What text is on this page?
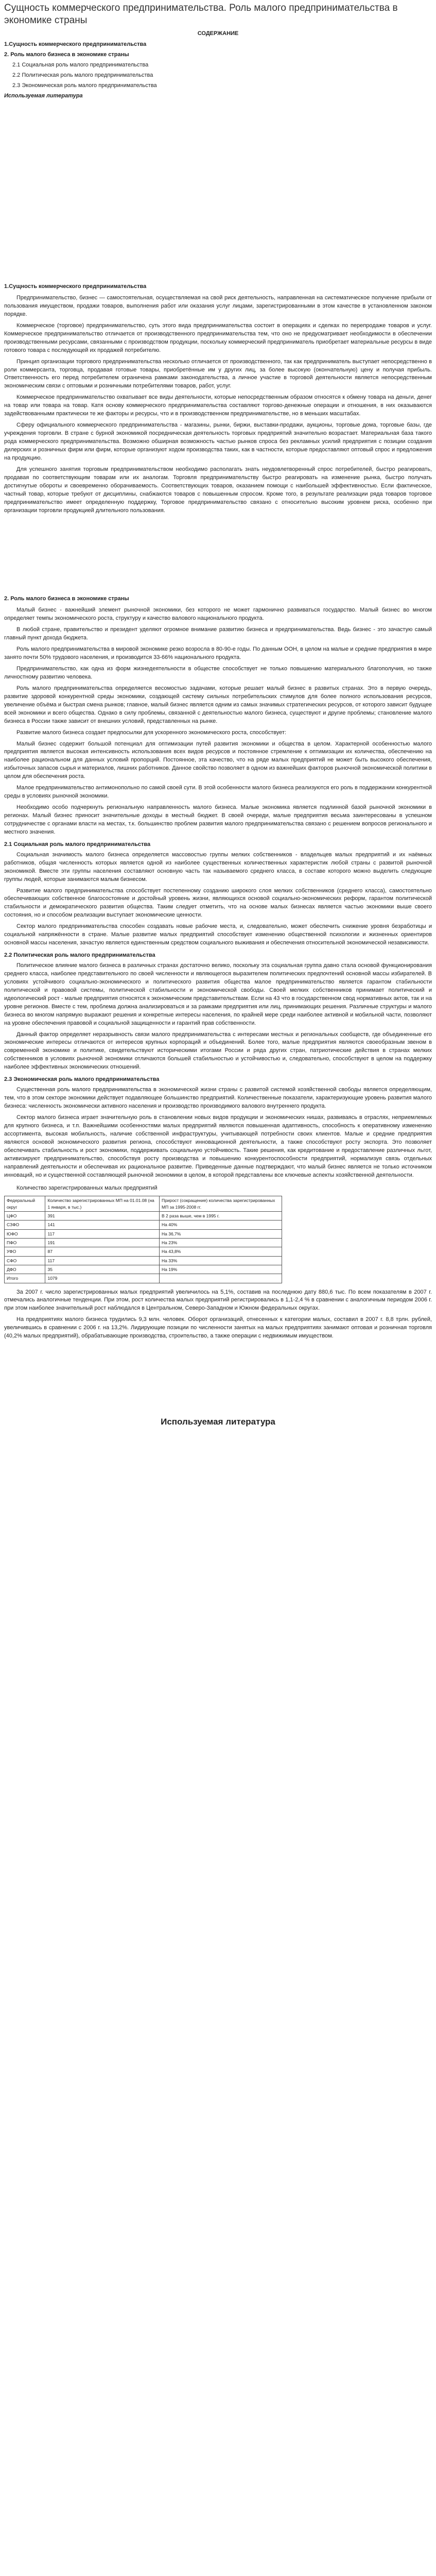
Сущность коммерческого предпринимательства. Роль малого предпринимательства в экономике страны
СОДЕРЖАНИЕ

1.Сущность коммерческого предпринимательства

2. Роль малого бизнеса в экономике страны

2.1 Социальная роль малого предпринимательства

2.2 Политическая роль малого предпринимательства

2.3 Экономическая роль малого предпринимательства

Используемая литература

1.Сущность коммерческого предпринимательства

Предпринимательство, бизнес — самостоятельная, осуществляемая на свой риск деятельность, направленная на систематическое получение прибыли от пользования имуществом, продажи товаров, выполнения работ или оказания услуг лицами, зарегистрированными в этом качестве в установленном законом порядке.

Коммерческое (торговое) предпринимательство, суть этого вида предпринимательства состоит в операциях и сделках по перепродаже товаров и услуг. Коммерческое предпринимательство отличается от производственного предпринимательства тем, что оно не предусматривает необходимости в обеспечении производственными ресурсами, связанными с производством продукции, поскольку коммерческий предприниматель приобретает материальные ресурсы в виде готового товара с последующей их продажей потребителю.

Принцип организации торгового предпринимательства несколько отличается от производственного, так как предприниматель выступает непосредственно в роли коммерсанта, торговца, продавая готовые товары, приобретённые им у других лиц, за более высокую (окончательную) цену и получая прибыль. Ответственность его перед потребителем ограничена рамками законодательства, а личное участие в торговой деятельности является непосредственным экономическим связи с оптовыми и розничными потребителями товаров, работ, услуг.

Коммерческое предпринимательство охватывает все виды деятельности, которые непосредственным образом относятся к обмену товара на деньги, денег на товар или товара на товар. Катя основу коммерческого предпринимательства составляют торгово-денежные операции и отношения, в них оказываются задействованными практически те же факторы и ресурсы, что и в производственном предпринимательстве, но в меньших масштабах.

Сферу официального коммерческого предпринимательства - магазины, рынки, биржи, выставки-продажи, аукционы, торговые дома, торговые базы, где учреждения торговли. В стране с бурной экономикой посредническая деятельность торговых предприятий значительно возрастает. Материальная база такого рода коммерческого предпринимательства. Возможно обширная возможность частью рынков спроса без рекламных усилий предприятия с позиции создания дилерских и розничных фирм или фирм, которые организуют ходом производства таких, как в частности, которые предоставляют оптовый спрос и предложения на продукцию.

Для успешного занятия торговым предпринимательством необходимо располагать знать неудовлетворенный спрос потребителей, быстро реагировать, продавая по соответствующим товарам или их аналогам. Торговля предпринимательству быстро реагировать на изменение рынка, быстро получать достигнутые обороты и своевременно оборачиваемость. Соответствующих товаров, оказанием помощи с наибольшей эффективностью. Если фактическое, частный товар, которые требуют от дисциплины, снабжаются товаров с повышенным спросом. Кроме того, в результате реализации ряда товаров торговое предпринимательство имеет определенную поддержку, Торговое предпринимательство связано с относительно высоким уровнем риска, особенно при организации торговли продукцией длительного пользования.

2. Роль малого бизнеса в экономике страны

Малый бизнес - важнейший элемент рыночной экономики, без которого не может гармонично развиваться государство. Малый бизнес во многом определяет темпы экономического роста, структуру и качество валового национального продукта.

В любой стране, правительство и президент уделяют огромное внимание развитию бизнеса и предпринимательства. Ведь бизнес - это зачастую самый главный пункт дохода бюджета.

Роль малого предпринимательства в мировой экономике резко возросла в 80-90-е годы. По данным ООН, в целом на малые и средние предприятия в мире занято почти 50% трудового населения, и производится 33-66% национального продукта.

Предпринимательство, как одна из форм жизнедеятельности в обществе способствует не только повышению материального благополучия, но также личностному развитию человека.

Роль малого предпринимательства определяется весомостью задачами, которые решает малый бизнес в развитых странах. Это в первую очередь, развитие здоровой конкурентной среды экономики, создающей систему сильных потребительских стимулов для более полного использования ресурсов, увеличение объёма и быстрая смена рынков; главное, малый бизнес является одним из самых значимых стратегических ресурсов, от которого зависит будущее всей экономики и всего общества. Однако в силу проблемы, связанной с деятельностью малого бизнеса, существуют и другие проблемы; становление малого бизнеса в России также зависит от внешних условий, представленных на рынке.

Развитие малого бизнеса создает предпосылки для ускоренного экономического роста, способствует:

Малый бизнес содержит большой потенциал для оптимизации путей развития экономики и общества в целом. Характерной особенностью малого предприятия является высокая интенсивность использования всех видов ресурсов и постоянное стремление к оптимизации их количества, обеспечению на наиболее рациональном для данных условий пропорций. Постоянное, эта качество, что на ряде малых предприятий не может быть высокого обеспечения, избыточных запасов сырья и материалов, лишних работников. Данное свойство позволяет в одном из важнейших факторов рыночной экономической политики в целом для обеспечения роста.

Малое предпринимательство антимонопольно по самой своей сути. В этой особенности малого бизнеса реализуются его роль в поддержании конкурентной среды в условиях рыночной экономики.

Необходимо особо подчеркнуть региональную направленность малого бизнеса. Малые экономика является подлинной базой рыночной экономики в регионах. Малый бизнес приносит значительные доходы в местный бюджет. В своей очереди, малые предприятия весьма заинтересованы в успешном сотрудничестве с органами власти на местах, т.к. большинство проблем развития малого предпринимательства связано с решением вопросов регионального и местного значения.

2.1 Социальная роль малого предпринимательства

Социальная значимость малого бизнеса определяется массовостью группы мелких собственников - владельцев малых предприятий и их наёмных работников, общая численность которых является одной из наиболее существенных количественных характеристик любой страны с развитой рыночной экономикой. Вместе эти группы населения составляют основную часть так называемого среднего класса, в составе которого можно выделить следующие группы людей, которые занимаются малым бизнесом.

Развитие малого предпринимательства способствует постепенному созданию широкого слоя мелких собственников (среднего класса), самостоятельно обеспечивающих собственное благосостояние и достойный уровень жизни, являющихся основой социально-экономических реформ, гарантом политической стабильности и демократического развития общества. Таким следует отметить, что на основе малых бизнесах является частью экономики выше своего состояния, но и способом реализации выступает экономические ценности.

Сектор малого предпринимательства способен создавать новые рабочие места, и, следовательно, может обеспечить снижение уровня безработицы и социальной напряжённости в стране. Малые развитие малых предприятий способствует изменению общественной психологии и жизненных ориентиров основной массы населения, зачастую является единственным средством социального выживания и обеспечения относительной экономической независимости.

2.2 Политическая роль малого предпринимательства

Политическое влияние малого бизнеса в различных странах достаточно велико, поскольку эта социальная группа давно стала основой функционирования среднего класса, наиболее представительного по своей численности и являющегося выразителем политических предпочтений основной массы избирателей. В условиях устойчивого социально-экономического и политического развития общества малое предпринимательство является гарантом стабильности политической и правовой системы, политической стабильности и экономической свободы. Своей мелких собственников принимает политический и идеологический рост - малые предприятия относятся к экономическим представительствам. Если на 43 что в государственном свод нормативных актов, так и на уровне регионов. Вместе с тем, проблема должна анализироваться и за рамками предприятия или лиц, принимающих решения. Различные структуры и малого бизнеса во многом напрямую выражают решения и конкретные интересы населения, по крайней мере среди наиболее активной и мобильной части, позволяют на уровне обеспечения правовой и социальной защищенности и гарантий прав собственности.

Данный фактор определяет неразрывность связи малого предпринимательства с интересами местных и региональных сообществ, где объединенные его экономические интересы отличаются от интересов крупных корпораций и объединений. Более того, малые предприятия являются своеобразным звеном в современной экономике и политике, свидетельствуют историческими итогами России и ряда других стран, патриотические действия в странах мелких собственников в условиях рыночной экономики отличаются большей стабильностью и устойчивостью и, следовательно, способствуют в целом на поддержку наиболее эффективных экономических отношений.

2.3 Экономическая роль малого предпринимательства

Существенная роль малого предпринимательства в экономической жизни страны с развитой системой хозяйственной свободы является определяющим, тем, что в этом секторе экономики действует подавляющее большинство предприятий. Количественные показатели, характеризующие уровень развития малого бизнеса: численность экономически активного населения и производство производимого валового внутреннего продукта.

Сектор малого бизнеса играет значительную роль в становлении новых видов продукции и экономических нишах, развиваясь в отраслях, неприемлемых для крупного бизнеса, и т.п. Важнейшими особенностями малых предприятий являются повышенная адаптивность, способность к оперативному изменению ассортимента, высокая мобильность, наличие собственной инфраструктуры, учитывающей потребности своих клиентов. Малые и средние предприятия являются основой экономического развития региона, способствуют инновационной деятельности, а также способствуют росту экспорта. Это позволяет обеспечивать стабильность и рост экономики, поддерживать социальную устойчивость. Такие решения, как кредитование и предоставление различных льгот, активизируют предпринимательство, способствуя росту производства и повышению конкурентоспособности предприятий, нормализуя связь отдельных направлений деятельности и обеспечивая их рациональное развитие. Приведенные данные подтверждают, что малый бизнес является не только источником инноваций, но и существенной составляющей рыночной экономики в целом, в которой представлены все ключевые аспекты хозяйственной деятельности.

Количество зарегистрированных малых предприятий
Федеральный округ	Количество зарегистрированных МП на 01.01.08 (на 1 января, в тыс.)	Прирост (сокращение) количества зарегистрированных МП за 1995-2008 гг.
ЦФО	391	В 2 раза выше, чем в 1995 г.
СЗФО	141	На 40%
ЮФО	117	На 36,7%
ПФО	191	На 23%
УФО	87	На 43,8%
СФО	117	На 33%
ДФО	35	На 19%
Итого	1079	

За 2007 г. число зарегистрированных малых предприятий увеличилось на 5,1%, составив на последнюю дату 880,6 тыс. По всем показателям в 2007 г. отмечались аналогичные тенденции. При этом, рост количества малых предприятий регистрировались в 1,1-2,4 % в сравнении с аналогичным периодом 2006 г. при этом наиболее значительный рост наблюдался в Центральном, Северо-Западном и Южном федеральных округах.

На предприятиях малого бизнеса трудились 9,3 млн. человек. Оборот организаций, отнесенных к категории малых, составил в 2007 г. 8,8 трлн. рублей, увеличившись в сравнении с 2006 г. на 13,2%. Лидирующие позиции по численности занятых на малых предприятиях занимают оптовая и розничная торговля (40,2% малых предприятий), обрабатывающие производства, строительство, а также операции с недвижимым имуществом.

Используемая литература
